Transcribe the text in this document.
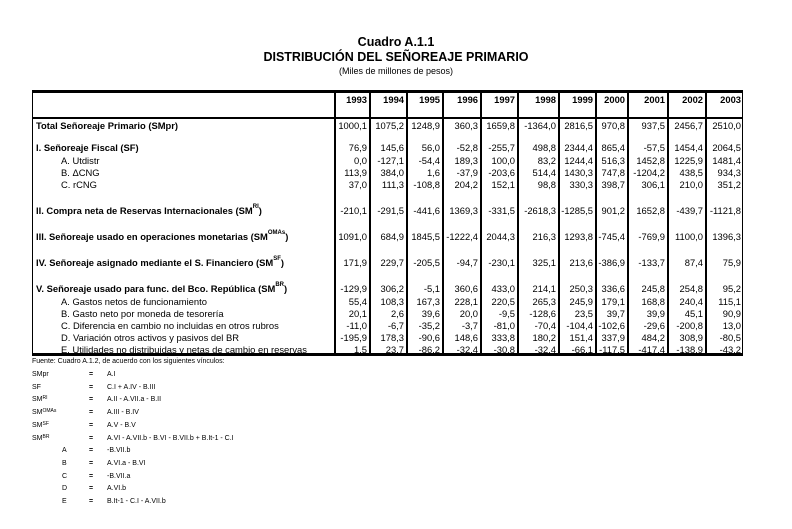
Cuadro A.1.1
DISTRIBUCIÓN DEL SEÑOREAJE PRIMARIO
(Miles de millones de pesos)
1993	1994	1995	1996	1997	1998	1999	2000	2001	2002	2003
Total Señoreaje Primario (SMpr)	1000,1 1075,2 1248,9	360,3 1659,8 -1364,0 2816,5 970,8	937,5 2456,7 2510,0
I. Señoreaje Fiscal (SF)	76,9	145,6	56,0	-52,8	-255,7	498,8 2344,4 865,4	-57,5 1454,4 2064,5
A. Utdistr	0,0	-127,1	-54,4	189,3	100,0	83,2 1244,4 516,3	1452,8 1225,9 1481,4
B. ΔCNG	113,9	384,0	1,6	-37,9	-203,6	514,4 1430,3 747,8 -1204,2	438,5	934,3
C. rCNG	37,0	111,3	-108,8	204,2	152,1	98,8	330,3 398,7	306,1	210,0	351,2
II. Compra neta de Reservas Internacionales $(SM^{RI})$	-210,1	-291,5	-441,6 1369,3	-331,5 -2618,3 -1285,5 901,2	1652,8	-439,7 -1121,8
III. Señoreaje usado en operaciones monetarias $(SM^{OMAs})$	1091,0	684,9 1845,5 -1222,4 2044,3	216,3 1293,8 -745,4	-769,9	1100,0 1396,3
IV. Señoreaje asignado mediante el S. Financiero $(SM^{SF})$	171,9	229,7	-205,5	-94,7	-230,1	325,1	213,6 -386,9	-133,7	87,4	75,9
V. Señoreaje usado para func. del Bco. República $(SM^{BR})$	-129,9	306,2	-5,1	360,6	433,0	214,1	250,3 336,6	245,8	254,8	95,2
A. Gastos netos de funcionamiento	55,4	108,3	167,3	228,1	220,5	265,3	245,9 179,1	168,8	240,4	115,1
B. Gasto neto por moneda de tesorería	20,1	2,6	39,6	20,0	-9,5	-128,6	23,5	39,7	39,9	45,1	90,9
C. Diferencia en cambio no incluidas en otros rubros	-11,0	-6,7	-35,2	-3,7	-81,0	-70,4	-104,4 -102,6	-29,6	-200,8	13,0
D. Variación otros activos y pasivos del BR	-195,9	178,3	-90,6	148,6	333,8	180,2	151,4 337,9	484,2	308,9	-80,5
E. Utilidades no distribuidas y netas de cambio en reservas	1,5	23,7	-86,2	-32,4	-30,8	-32,4	-66,1 -117,5	-417,4	-138,9	-43,2
Fuente: Cuadro A.1.2, de acuerdo con los siguientes vínculos:
SMpr	= A.I
SF	= C.I + A.IV - B.III
$SM^{RI}$	= A.II - A.VII.a - B.II
$SM^{OMAs}$	= A.III - B.IV
$SM^{SF}$	= A.V - B.V
$SM^{BR}$	= A.VI - A.VII.b - B.VI - B.VII.b + B.It-1 - C.I
A	= -B.VII.b
B	= A.VI.a - B.VI
C	= -B.VII.a
D	= A.VI.b
E	= B.It-1 - C.I - A.VII.b
